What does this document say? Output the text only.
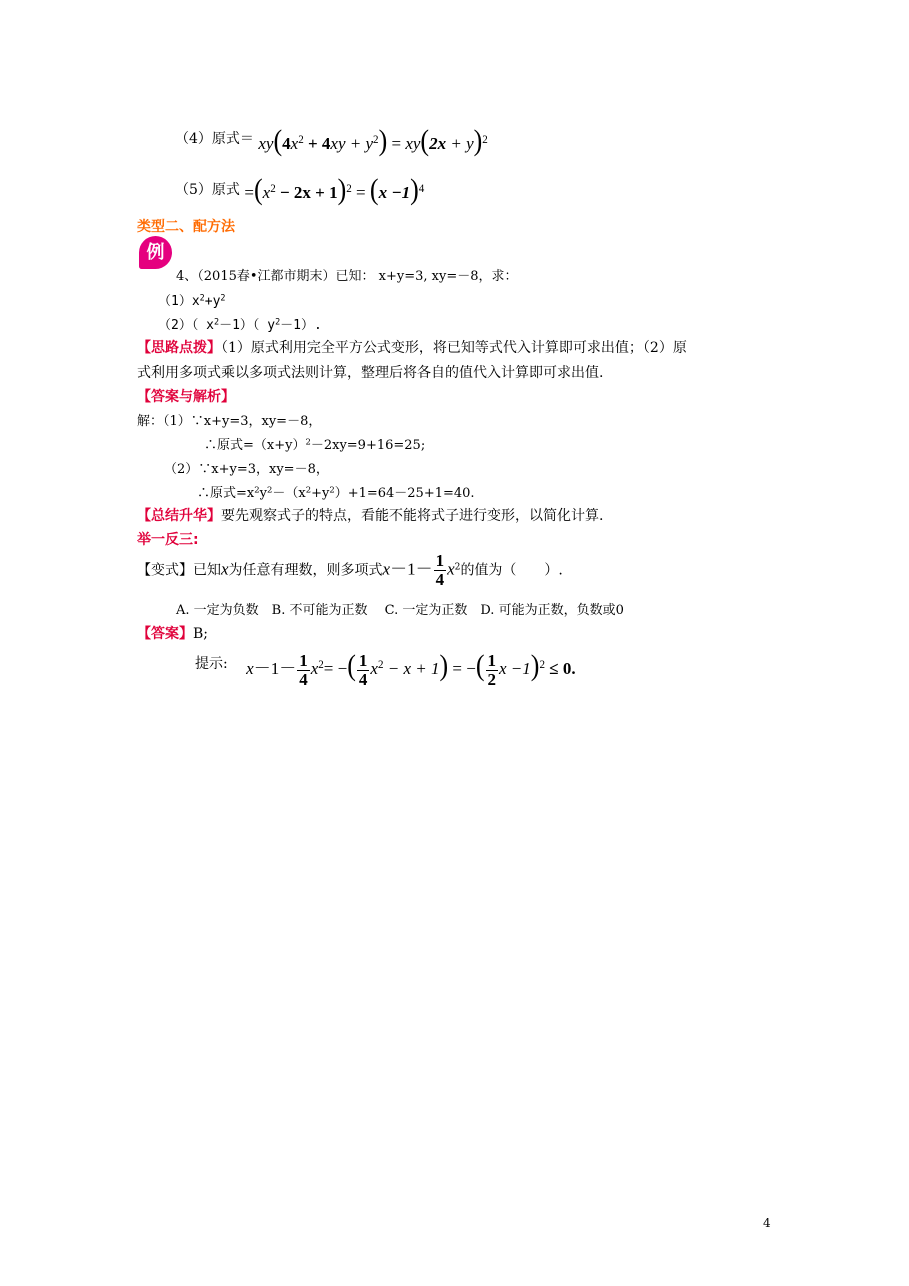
（4）原式＝ $xy(4x^2 + 4xy + y^2) = xy(2x + y)^2$
（5）原式 $=(x^2 - 2x + 1)^2 = (x -1)^4$
类型二、配方法
例
4、（2015春•江都市期末）已知： x+y=3, xy=－8，求：
$(1)x^2+y^2$
（2）（ $x^2-1$）（ $y^2-1$）.
【思路点拨】（1）原式利用完全平方公式变形，将已知等式代入计算即可求出值；（2）原
式利用多项式乘以多项式法则计算，整理后将各自的值代入计算即可求出值.
【答案与解析】
解：（1）∵x+y=3，xy=－8，
∴原式$=(x+y)^2-2xy=9+16=25$;
（2）∵x+y=3，xy=－8，
∴原式$=x^2y^2-(x^2+y^2)+1=64-25+1=40$.
【总结升华】要先观察式子的特点，看能不能将式子进行变形，以简化计算.
举一反三:
【变式】已知x为任意有理数，则多项式$x-1- \frac{1}{4} x^2$的值为（　　）.
A. 一定为负数　B. 不可能为正数　 C. 一定为正数　D. 可能为正数，负数或0
【答案】B;
提示: $x-1- \frac{1}{4} x^2=$ −( $\frac{1}{4} x^2 - x + 1$) = −( $\frac{1}{2}$ x −1)$^2$ ≤ 0.
4
